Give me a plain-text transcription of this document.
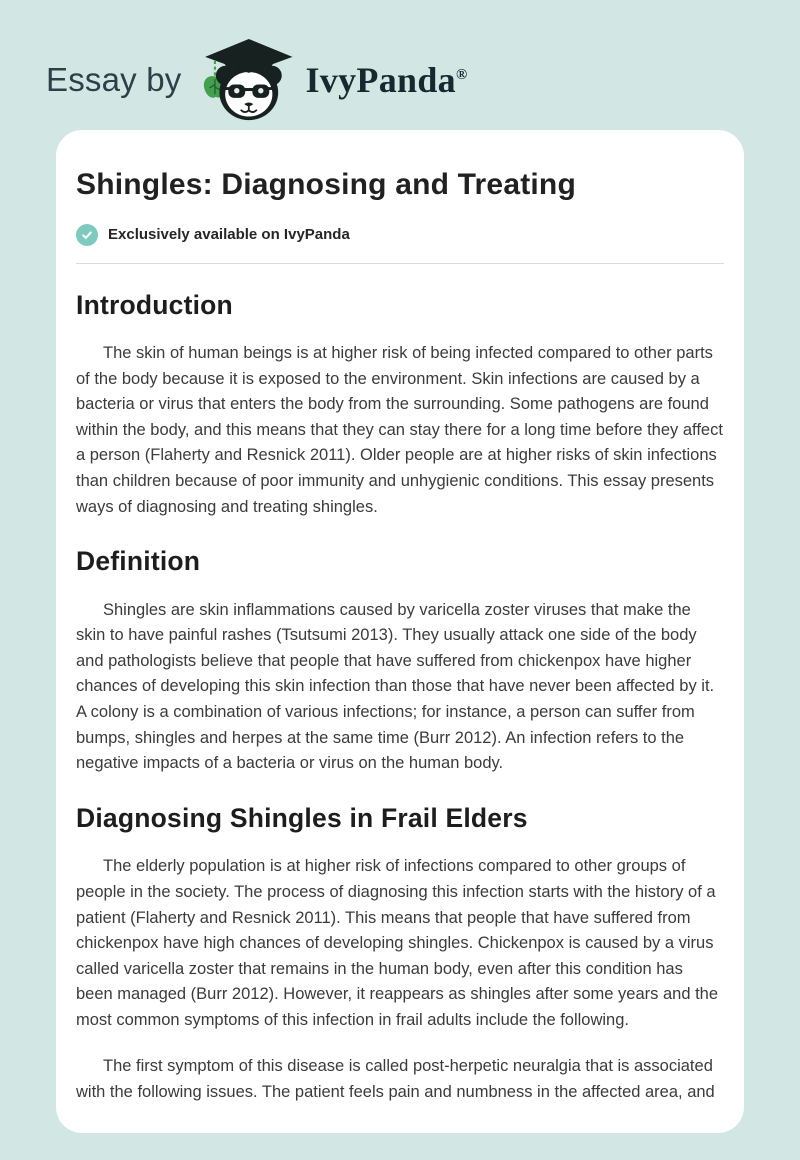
Essay by	IvyPanda®
Shingles: Diagnosing and Treating
Exclusively available on IvyPanda
Introduction

The skin of human beings is at higher risk of being infected compared to other parts of the body because it is exposed to the environment. Skin infections are caused by a bacteria or virus that enters the body from the surrounding. Some pathogens are found within the body, and this means that they can stay there for a long time before they affect a person (Flaherty and Resnick 2011). Older people are at higher risks of skin infections than children because of poor immunity and unhygienic conditions. This essay presents ways of diagnosing and treating shingles.

Definition

Shingles are skin inflammations caused by varicella zoster viruses that make the skin to have painful rashes (Tsutsumi 2013). They usually attack one side of the body and pathologists believe that people that have suffered from chickenpox have higher chances of developing this skin infection than those that have never been affected by it. A colony is a combination of various infections; for instance, a person can suffer from bumps, shingles and herpes at the same time (Burr 2012). An infection refers to the negative impacts of a bacteria or virus on the human body.

Diagnosing Shingles in Frail Elders

The elderly population is at higher risk of infections compared to other groups of people in the society. The process of diagnosing this infection starts with the history of a patient (Flaherty and Resnick 2011). This means that people that have suffered from chickenpox have high chances of developing shingles. Chickenpox is caused by a virus called varicella zoster that remains in the human body, even after this condition has been managed (Burr 2012). However, it reappears as shingles after some years and the most common symptoms of this infection in frail adults include the following.

The first symptom of this disease is called post-herpetic neuralgia that is associated with the following issues. The patient feels pain and numbness in the affected area, and
